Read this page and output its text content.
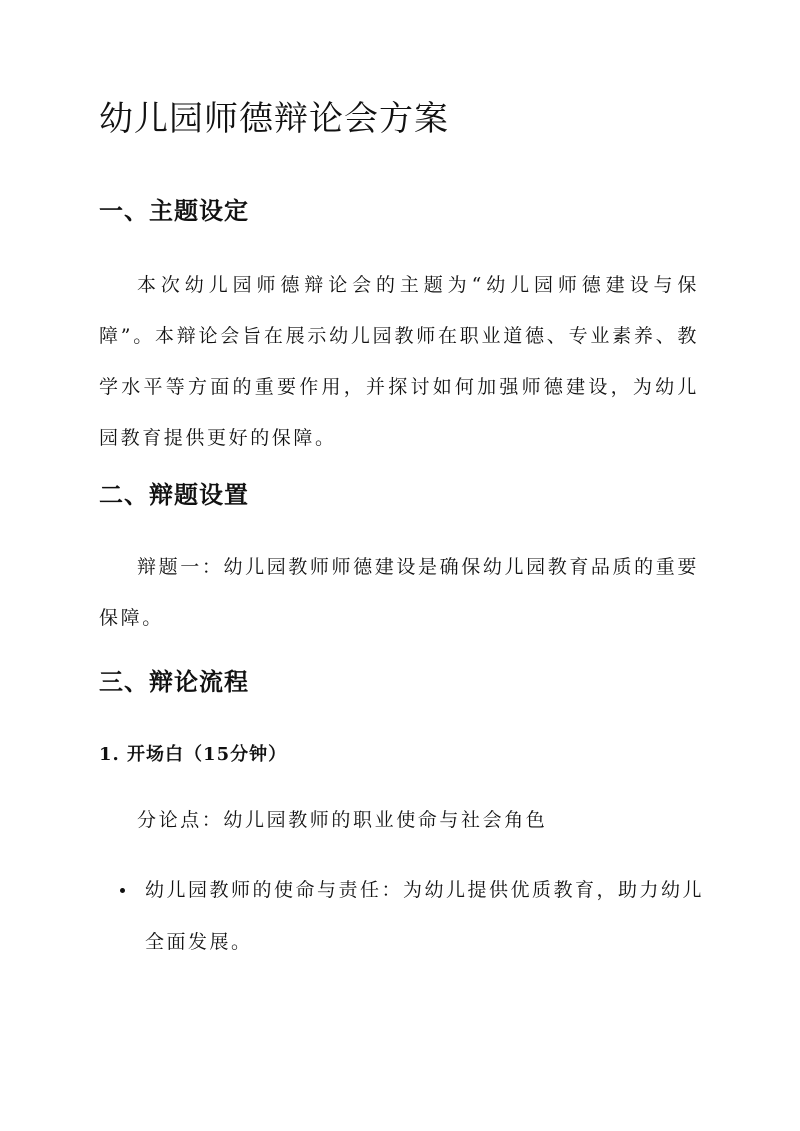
幼儿园师德辩论会方案
一、主题设定

本次幼儿园师德辩论会的主题为“幼儿园师德建设与保障”。本辩论会旨在展示幼儿园教师在职业道德、专业素养、教学水平等方面的重要作用，并探讨如何加强师德建设，为幼儿园教育提供更好的保障。

二、辩题设置

辩题一：幼儿园教师师德建设是确保幼儿园教育品质的重要保障。

三、辩论流程
1. 开场白（15分钟）

分论点：幼儿园教师的职业使命与社会角色

幼儿园教师的使命与责任：为幼儿提供优质教育，助力幼儿全面发展。
